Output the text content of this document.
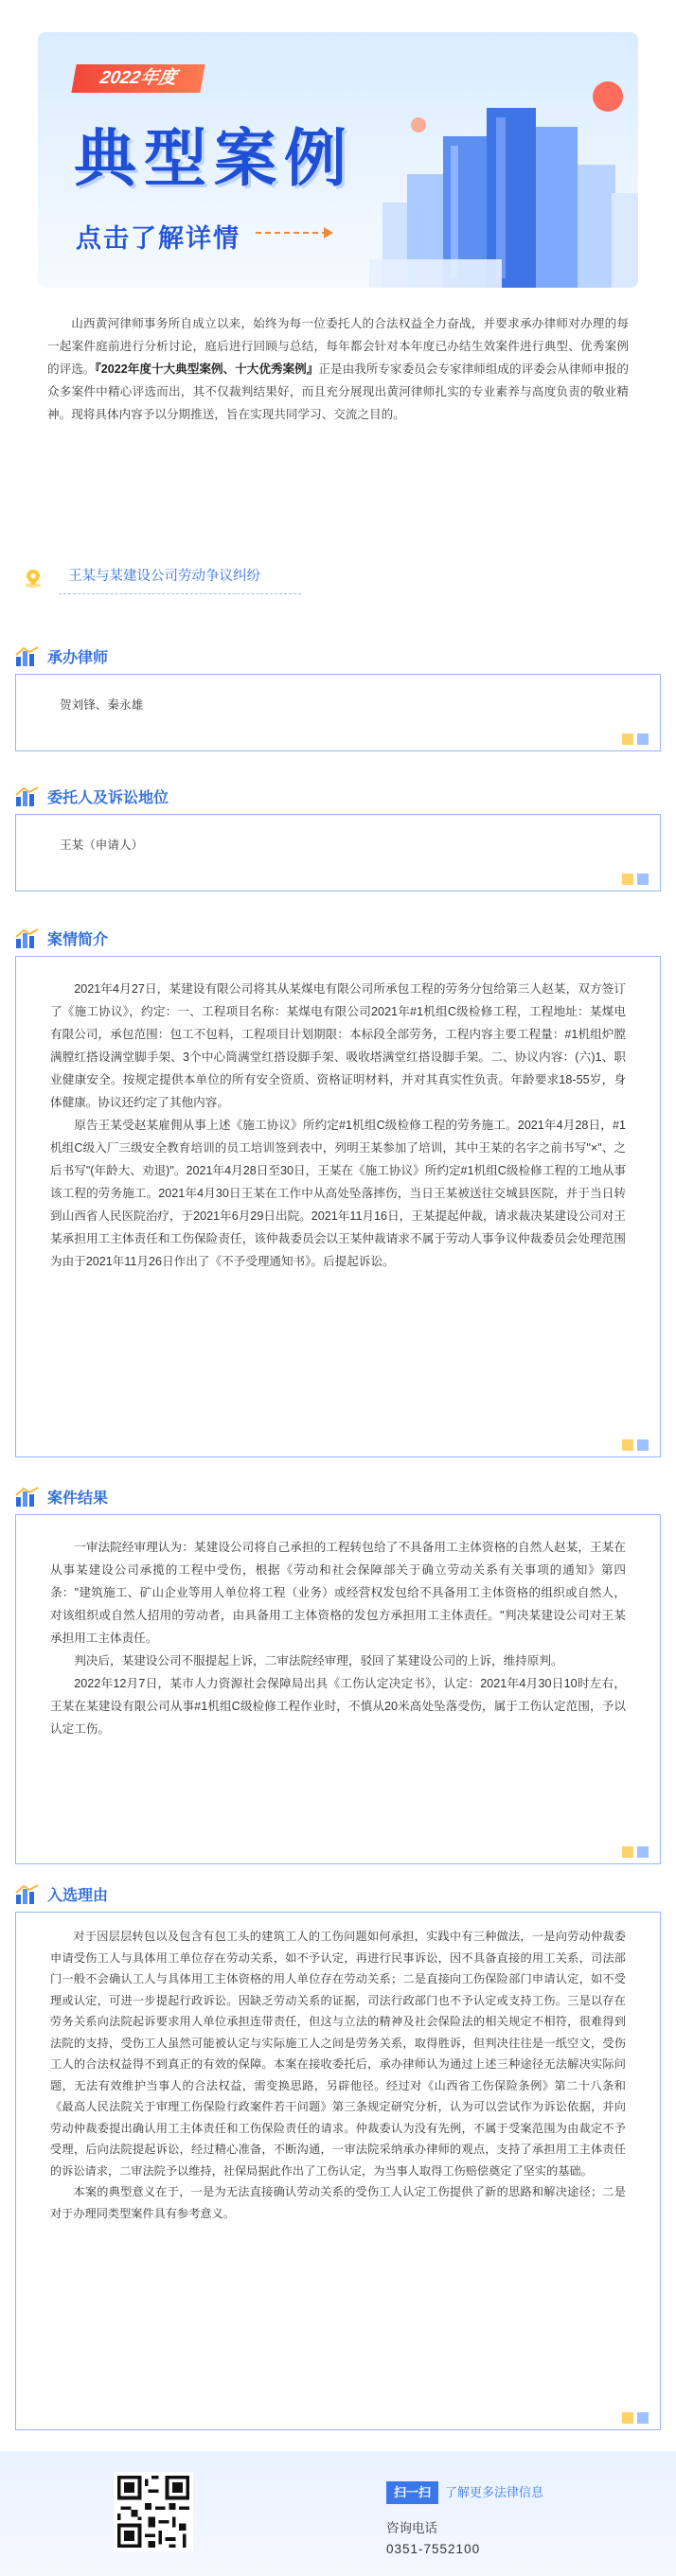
2022年度
典型案例
点击了解详情
山西黄河律师事务所自成立以来，始终为每一位委托人的合法权益全力奋战，并要求承办律师对办理的每一起案件庭前进行分析讨论，庭后进行回顾与总结，每年都会针对本年度已办结生效案件进行典型、优秀案例的评选。『2022年度十大典型案例、十大优秀案例』正是由我所专家委员会专家律师组成的评委会从律师申报的众多案件中精心评选而出，其不仅裁判结果好，而且充分展现出黄河律师扎实的专业素养与高度负责的敬业精神。现将具体内容予以分期推送，旨在实现共同学习、交流之目的。
王某与某建设公司劳动争议纠纷
承办律师
贺刘锋、秦永雄
委托人及诉讼地位
王某（申请人）
案情简介
2021年4月27日，某建设有限公司将其从某煤电有限公司所承包工程的劳务分包给第三人赵某，双方签订了《施工协议》，约定：一、工程项目名称：某煤电有限公司2021年#1机组C级检修工程，工程地址：某煤电有限公司，承包范围：包工不包料，工程项目计划期限：本标段全部劳务，工程内容主要工程量：#1机组炉膛满膛红搭设满堂脚手架、3个中心筒满堂红搭设脚手架、吸收塔满堂红搭设脚手架。二、协议内容：(六)1、职业健康安全。按规定提供本单位的所有安全资质、资格证明材料，并对其真实性负责。年龄要求18-55岁，身体健康。协议还约定了其他内容。
原告王某受赵某雇佣从事上述《施工协议》所约定#1机组C级检修工程的劳务施工。2021年4月28日，#1机组C级入厂三级安全教育培训的员工培训签到表中，列明王某参加了培训，其中王某的名字之前书写"×"、之后书写"(年龄大、劝退)"。2021年4月28日至30日，王某在《施工协议》所约定#1机组C级检修工程的工地从事该工程的劳务施工。2021年4月30日王某在工作中从高处坠落摔伤，当日王某被送往交城县医院，并于当日转到山西省人民医院治疗，于2021年6月29日出院。2021年11月16日，王某提起仲裁，请求裁决某建设公司对王某承担用工主体责任和工伤保险责任，该仲裁委员会以王某仲裁请求不属于劳动人事争议仲裁委员会处理范围为由于2021年11月26日作出了《不予受理通知书》。后提起诉讼。
案件结果
一审法院经审理认为：某建设公司将自己承担的工程转包给了不具备用工主体资格的自然人赵某，王某在从事某建设公司承揽的工程中受伤，根据《劳动和社会保障部关于确立劳动关系有关事项的通知》第四条："建筑施工、矿山企业等用人单位将工程（业务）或经营权发包给不具备用工主体资格的组织或自然人，对该组织或自然人招用的劳动者，由具备用工主体资格的发包方承担用工主体责任。"判决某建设公司对王某承担用工主体责任。
判决后，某建设公司不服提起上诉，二审法院经审理，驳回了某建设公司的上诉，维持原判。
2022年12月7日，某市人力资源社会保障局出具《工伤认定决定书》，认定：2021年4月30日10时左右，王某在某建设有限公司从事#1机组C级检修工程作业时，不慎从20米高处坠落受伤，属于工伤认定范围，予以认定工伤。
入选理由
对于因层层转包以及包含有包工头的建筑工人的工伤问题如何承担，实践中有三种做法，一是向劳动仲裁委申请受伤工人与具体用工单位存在劳动关系，如不予认定，再进行民事诉讼，因不具备直接的用工关系，司法部门一般不会确认工人与具体用工主体资格的用人单位存在劳动关系；二是直接向工伤保险部门申请认定，如不受理或认定，可进一步提起行政诉讼。因缺乏劳动关系的证据，司法行政部门也不予认定或支持工伤。三是以存在劳务关系向法院起诉要求用人单位承担连带责任，但这与立法的精神及社会保险法的相关规定不相符，很难得到法院的支持，受伤工人虽然可能被认定与实际施工人之间是劳务关系，取得胜诉，但判决往往是一纸空文，受伤工人的合法权益得不到真正的有效的保障。本案在接收委托后，承办律师认为通过上述三种途径无法解决实际问题，无法有效维护当事人的合法权益，需变换思路，另辟他径。经过对《山西省工伤保险条例》第二十八条和《最高人民法院关于审理工伤保险行政案件若干问题》第三条规定研究分析，认为可以尝试作为诉讼依据，并向劳动仲裁委提出确认用工主体责任和工伤保险责任的请求。仲裁委认为没有先例，不属于受案范围为由裁定不予受理，后向法院提起诉讼，经过精心准备，不断沟通，一审法院采纳承办律师的观点，支持了承担用工主体责任的诉讼请求，二审法院予以维持，社保局据此作出了工伤认定，为当事人取得工伤赔偿奠定了坚实的基础。
本案的典型意义在于，一是为无法直接确认劳动关系的受伤工人认定工伤提供了新的思路和解决途径；二是对于办理同类型案件具有参考意义。
扫一扫	了解更多法律信息
咨询电话
0351-7552100
